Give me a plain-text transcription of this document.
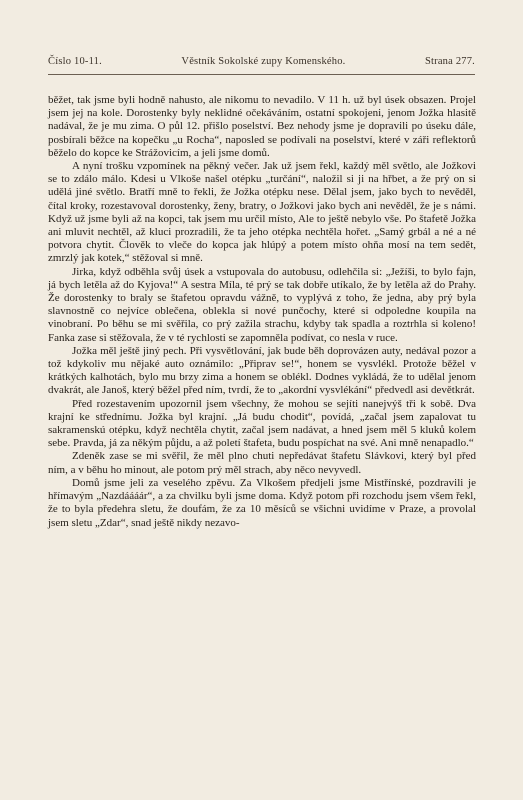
Číslo 10-11.	Věstník Sokolské zupy Komenského.	Strana 277.

běžet, tak jsme byli hodně nahusto, ale nikomu to nevadilo. V 11 h. už byl úsek obsazen. Projel jsem jej na kole. Dorostenky byly neklidné očekáváním, ostatní spokojeni, jenom Jožka hlasitě nadával, že je mu zima. O půl 12. přišlo poselství. Bez nehody jsme je dopravili po úseku dále, posbírali běžce na kopečku „u Rocha“, naposled se podívali na poselství, které v záři reflektorů běželo do kopce ke Strážovicím, a jeli jsme domů.

A nyní trošku vzpomínek na pěkný večer. Jak už jsem řekl, každý měl světlo, ale Jožkovi se to zdálo málo. Kdesi u Vlkoše našel otépku „turčání“, naložil si ji na hřbet, a že prý on si udělá jiné světlo. Bratří mně to řekli, že Jožka otépku nese. Dělal jsem, jako bych to nevěděl, čítal kroky, rozestavoval dorostenky, ženy, bratry, o Jožkovi jako bych ani nevěděl, že je s námi. Když už jsme byli až na kopci, tak jsem mu určil místo, Ale to ještě nebylo vše. Po štafetě Jožka ani mluvit nechtěl, až kluci prozradili, že ta jeho otépka nechtěla hořet. „Samý grbál a né a né potvora chytit. Člověk to vleče do kopca jak hlúpý a potem místo ohňa mosí na tem sedět, zmrzlý jak kotek,“ stěžoval si mně.

Jirka, když odběhla svůj úsek a vstupovala do autobusu, odlehčila si: „Ježíši, to bylo fajn, já bych letěla až do Kyjova!“ A sestra Míla, té prý se tak dobře utíkalo, že by letěla až do Prahy. Že dorostenky to braly se štafetou opravdu vážně, to vyplývá z toho, že jedna, aby prý byla slavnostně co nejvíce oblečena, oblekla si nové punčochy, které si odpoledne koupila na vinobraní. Po běhu se mi svěřila, co prý zažila strachu, kdyby tak spadla a roztrhla si koleno! Fanka zase si stěžovala, že v té rychlosti se zapomněla podívat, co nesla v ruce.

Jožka měl ještě jiný pech. Při vysvětlování, jak bude běh doprovázen auty, nedával pozor a tož kdykoliv mu nějaké auto oznámilo: „Připrav se!“, honem se vysvlékl. Protože běžel v krátkých kalhotách, bylo mu brzy zima a honem se oblékl. Dodnes vykládá, že to udělal jenom dvakrát, ale Janoš, který běžel před ním, tvrdí, že to „akordní vysvlékání“ předvedl asi devětkrát.

Před rozestavením upozornil jsem všechny, že mohou se sejíti nanejvýš tři k sobě. Dva krajní ke střednímu. Jožka byl krajní. „Já budu chodit“, povídá, „začal jsem zapalovat tu sakramenskú otépku, když nechtěla chytit, začal jsem nadávat, a hned jsem měl 5 kluků kolem sebe. Pravda, já za někým půjdu, a až poletí štafeta, budu pospíchat na své. Ani mně nenapadlo.“

Zdeněk zase se mi svěřil, že měl plno chuti nepředávat štafetu Slávkovi, který byl před ním, a v běhu ho minout, ale potom prý měl strach, aby něco nevyvedl.

Domů jsme jeli za veselého zpěvu. Za Vlkošem předjeli jsme Mistřínské, pozdravili je hřímavým „Nazdáááár“, a za chvilku byli jsme doma. Když potom při rozchodu jsem všem řekl, že to byla předehra sletu, že doufám, že za 10 měsíců se všichni uvidíme v Praze, a provolal jsem sletu „Zdar“, snad ještě nikdy nezavo-
